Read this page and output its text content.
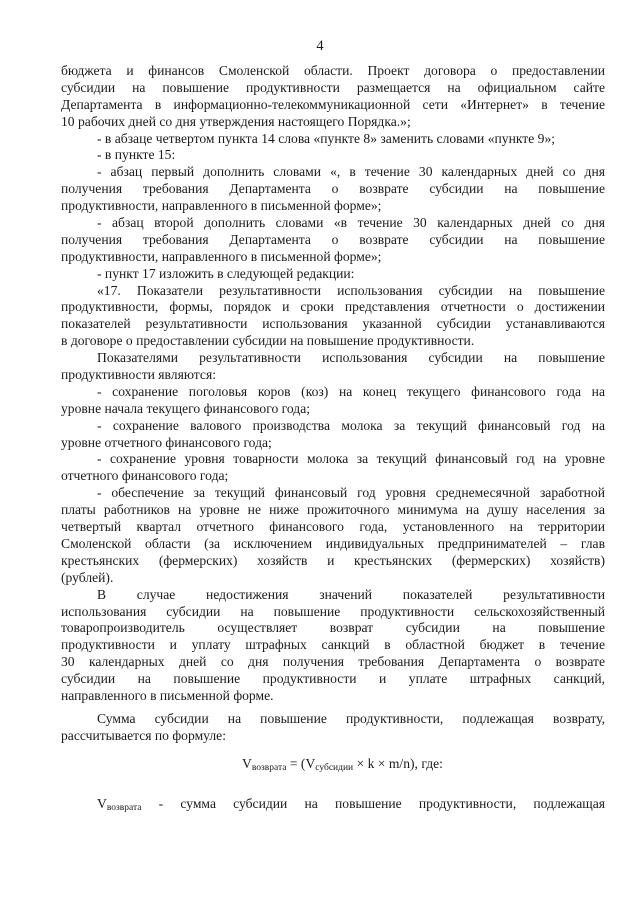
4
бюджета и финансов Смоленской области. Проект договора о предоставлении
субсидии на повышение продуктивности размещается на официальном сайте
Департамента в информационно-телекоммуникационной сети «Интернет» в течение
10 рабочих дней со дня утверждения настоящего Порядка.»;
- в абзаце четвертом пункта 14 слова «пункте 8» заменить словами «пункте 9»;
- в пункте 15:
- абзац первый дополнить словами «, в течение 30 календарных дней со дня
получения требования Департамента о возврате субсидии на повышение
продуктивности, направленного в письменной форме»;
- абзац второй дополнить словами «в течение 30 календарных дней со дня
получения требования Департамента о возврате субсидии на повышение
продуктивности, направленного в письменной форме»;
- пункт 17 изложить в следующей редакции:
«17. Показатели результативности использования субсидии на повышение
продуктивности, формы, порядок и сроки представления отчетности о достижении
показателей результативности использования указанной субсидии устанавливаются
в договоре о предоставлении субсидии на повышение продуктивности.
Показателями результативности использования субсидии на повышение
продуктивности являются:
- сохранение поголовья коров (коз) на конец текущего финансового года на
уровне начала текущего финансового года;
- сохранение валового производства молока за текущий финансовый год на
уровне отчетного финансового года;
- сохранение уровня товарности молока за текущий финансовый год на уровне
отчетного финансового года;
- обеспечение за текущий финансовый год уровня среднемесячной заработной
платы работников на уровне не ниже прожиточного минимума на душу населения за
четвертый квартал отчетного финансового года, установленного на территории
Смоленской области (за исключением индивидуальных предпринимателей – глав
крестьянских (фермерских) хозяйств и крестьянских (фермерских) хозяйств)
(рублей).
В случае недостижения значений показателей результативности
использования субсидии на повышение продуктивности сельскохозяйственный
товаропроизводитель осуществляет возврат субсидии на повышение
продуктивности и уплату штрафных санкций в областной бюджет в течение
30 календарных дней со дня получения требования Департамента о возврате
субсидии на повышение продуктивности и уплате штрафных санкций,
направленного в письменной форме.
Сумма субсидии на повышение продуктивности, подлежащая возврату,
рассчитывается по формуле:
$V_{возврата} = (V_{субсидии} \times k \times m/n)$, где:
$V_{возврата}$ - сумма субсидии на повышение продуктивности, подлежащая
